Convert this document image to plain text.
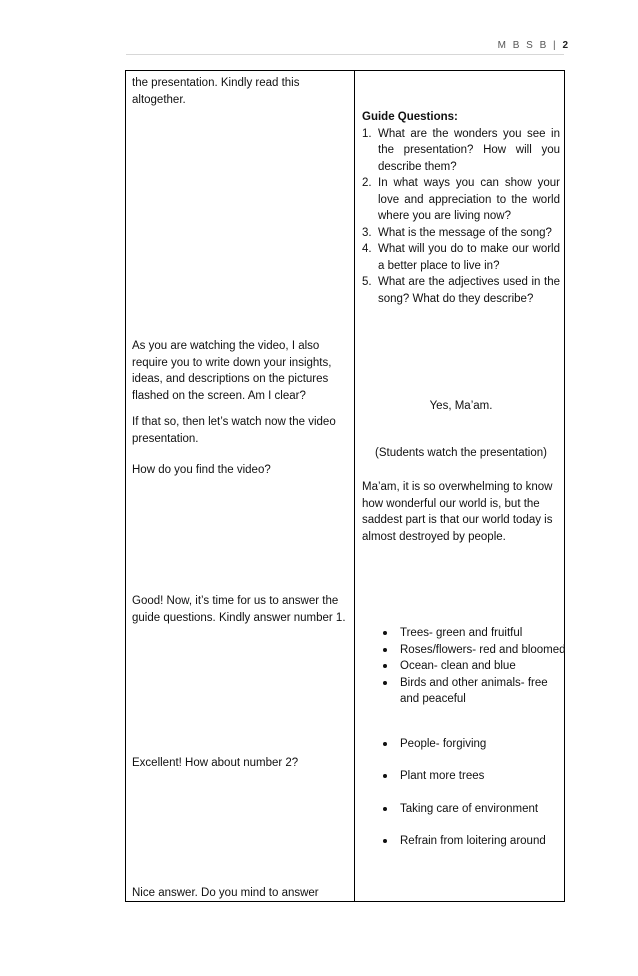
M B S B | 2
the presentation. Kindly read this altogether.
As you are watching the video, I also require you to write down your insights, ideas, and descriptions on the pictures flashed on the screen. Am I clear?
If that so, then let’s watch now the video presentation.
How do you find the video?
Good! Now, it’s time for us to answer the guide questions. Kindly answer number 1.
Excellent! How about number 2?
Nice answer. Do you mind to answer
Guide Questions:
1. What are the wonders you see in the presentation? How will you describe them?
2. In what ways you can show your love and appreciation to the world where you are living now?
3. What is the message of the song?
4. What will you do to make our world a better place to live in?
5. What are the adjectives used in the song? What do they describe?
Yes, Ma’am.
(Students watch the presentation)
Ma’am, it is so overwhelming to know how wonderful our world is, but the saddest part is that our world today is almost destroyed by people.
Trees- green and fruitful
Roses/flowers- red and bloomed
Ocean- clean and blue
Birds and other animals- free and peaceful
People- forgiving
Plant more trees
Taking care of environment
Refrain from loitering around
